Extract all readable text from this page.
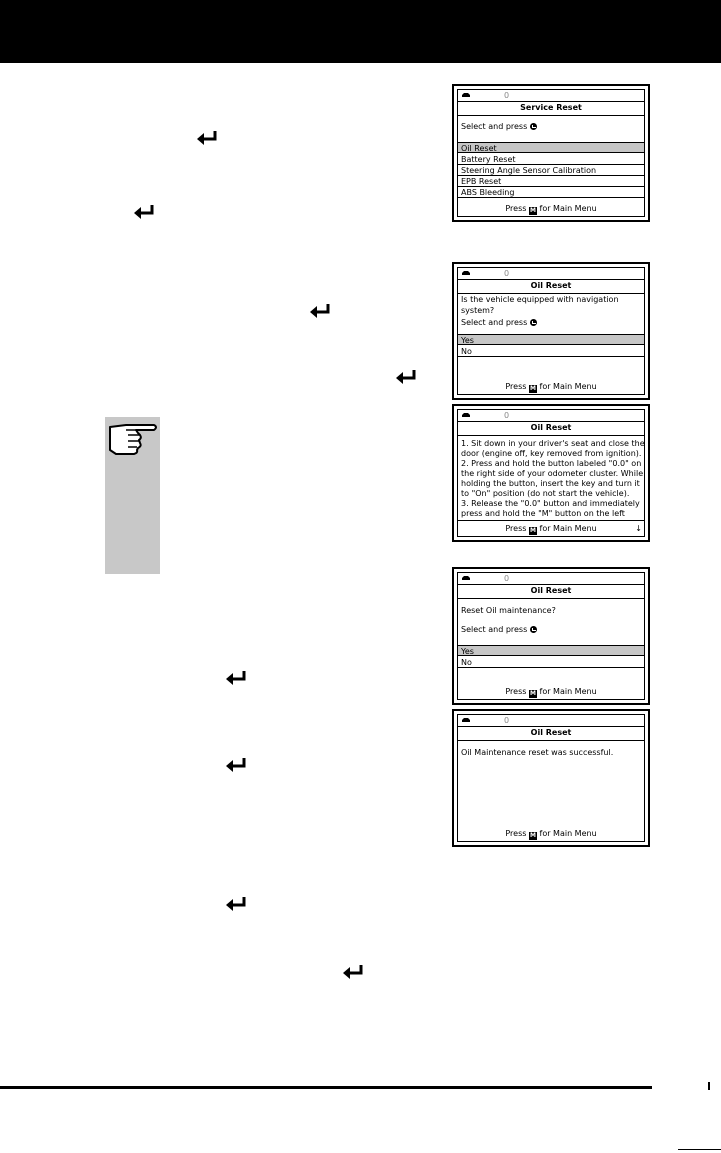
0
Service Reset
Select and press
Oil Reset
Battery Reset
Steering Angle Sensor Calibration
EPB Reset
ABS Bleeding
Press M for Main Menu
0
Oil Reset
Is the vehicle equipped with navigation system?
Select and press
Yes
No
Press M for Main Menu
0
Oil Reset
1. Sit down in your driver's seat and close the
door (engine off, key removed from ignition).
2. Press and hold the button labeled "0.0" on
the right side of your odometer cluster. While
holding the button, insert the key and turn it
to "On" position (do not start the vehicle).
3. Release the "0.0" button and immediately
press and hold the "M" button on the left
Press M for Main Menu	↓
0
Oil Reset
Reset Oil maintenance?
Select and press
Yes
No
Press M for Main Menu
0
Oil Reset
Oil Maintenance reset was successful.
Press M for Main Menu
